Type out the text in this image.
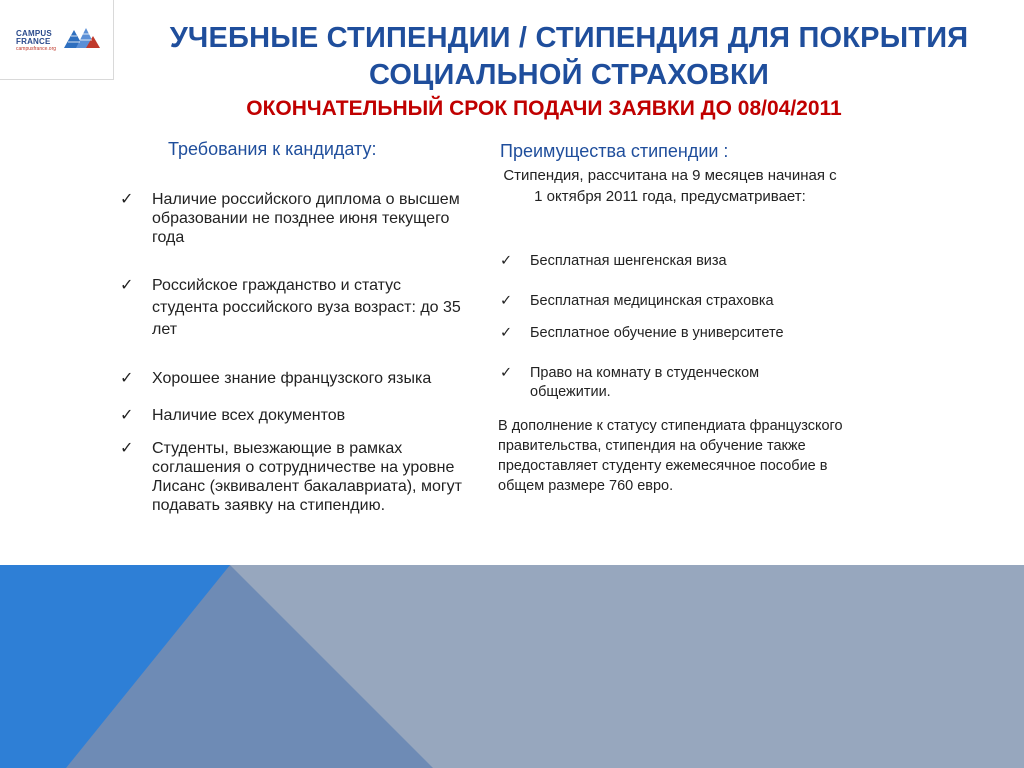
CAMPUS
FRANCE
campusfrance.org	УЧЕБНЫЕ СТИПЕНДИИ / СТИПЕНДИЯ ДЛЯ ПОКРЫТИЯ
СОЦИАЛЬНОЙ СТРАХОВКИ
ОКОНЧАТЕЛЬНЫЙ СРОК ПОДАЧИ ЗАЯВКИ ДО 08/04/2011
Требования к кандидату:
✓ Наличие российского диплома о высшем образовании не позднее июня текущего года
✓ Российское гражданство и статус студента российского вуза возраст: до 35 лет
✓ Хорошее знание французского языка
✓ Наличие всех документов
✓ Студенты, выезжающие в рамках соглашения о сотрудничестве на уровне Лисанс (эквивалент бакалавриата), могут подавать заявку на стипендию.
Преимущества стипендии :
Стипендия, рассчитана на 9 месяцев начиная с 1 октября 2011 года, предусматривает:
✓ Бесплатная шенгенская виза
✓ Бесплатная медицинская страховка
✓ Бесплатное обучение в университете
✓ Право на комнату в студенческом общежитии.
В дополнение к статусу стипендиата французского правительства, стипендия на обучение также предоставляет студенту ежемесячное пособие в общем размере 760 евро.
